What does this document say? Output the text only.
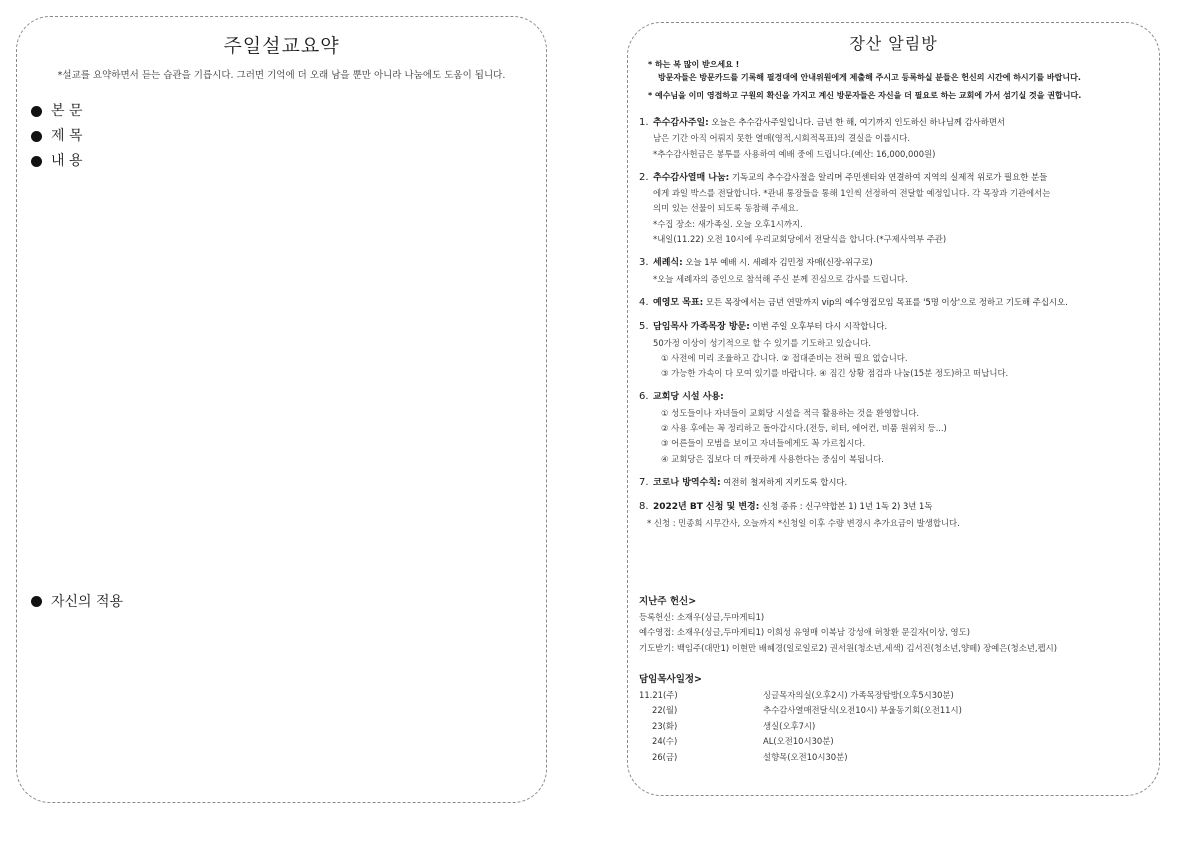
주일설교요약
*설교를 요약하면서 듣는 습관을 기릅시다. 그러면 기억에 더 오래 남을 뿐만 아니라 나눔에도 도움이 됩니다.
본 문
제 목
내 용
자신의 적용
장산 알림방
* 하는 복 많이 받으세요 !
방문자들은 방문카드를 기록해 필경대에 안내위원에게 제출해 주시고 등록하실 분들은 헌신의 시간에 하시기를 바랍니다.
* 예수님을 이미 영접하고 구원의 확신을 가지고 계신 방문자들은 자신을 더 필요로 하는 교회에 가서 섬기실 것을 권합니다.
1. 추수감사주일: 오늘은 추수감사주일입니다. 금년 한 해, 여기까지 인도하신 하나님께 감사하면서
남은 기간 아직 어뤄지 못한 열매(영적,시회적목표)의 결실을 이룹시다.
*추수감사헌금은 봉투를 사용하여 예배 중에 드립니다.(예산: 16,000,000원)
2. 추수감사열매 나눔: 기독교의 추수감사절을 알리며 주민센터와 연결하여 지역의 실제적 위로가 필요한 분들
에게 과일 박스를 전달합니다. *관내 통장들을 통해 1인씩 선정하여 전달할 예정입니다. 각 목장과 기관에서는
의미 있는 선물이 되도록 동참해 주세요.
*수집 장소: 새가족실. 오늘 오후1시까지.
*내일(11.22) 오전 10시에 우리교회당에서 전달식을 합니다.(*구제사역부 주관)
3. 세례식: 오늘 1부 예배 시. 세례자 김민정 자매(신장-위구로)
*오늘 세례자의 증인으로 참석해 주신 분께 진심으로 감사를 드립니다.
4. 예영모 목표: 모든 목장에서는 금년 연말까지 vip의 예수영접모임 목표를 '5명 이상'으로 정하고 기도해 주십시오.
5. 담임목사 가족목장 방문: 이번 주일 오후부터 다시 시작합니다.
50가정 이상이 성기적으로 할 수 있기를 기도하고 있습니다.
① 사전에 미리 조율하고 갑니다. ② 접대준비는 전혀 필요 없습니다.
③ 가능한 가속이 다 모여 있기를 바랍니다. ④ 짐긴 상황 점검과 나눔(15분 정도)하고 떠납니다.
6. 교회당 시설 사용:
① 성도들이나 자녀들이 교회당 시설을 적극 활용하는 것을 환영합니다.
② 사용 후에는 꼭 정리하고 돌아갑시다.(전등, 히터, 에어컨, 비품 원위치 등...)
③ 어른들이 모범을 보이고 자녀들에게도 꼭 가르칩시다.
④ 교회당은 집보다 더 깨끗하게 사용한다는 중심이 복됩니다.
7. 코로나 방역수칙: 여전히 철저하게 지키도록 합시다.
8. 2022년 BT 신청 및 변경: 신청 종류 : 신구약합본 1) 1년 1독 2) 3년 1독
* 신청 : 민종희 시무간사, 오늘까지 *신청일 이후 수량 변경시 추가요금이 발생합니다.
지난주 헌신>
등록헌신: 소재우(싱글,두마게티1)
예수영접: 소재우(싱글,두마게티1) 이희성 유영매 이복남 강성애 허창환 문길자(이상, 영도)
기도받기: 백임주(대만1) 이현만 배혜경(일로일로2) 권서원(청소년,세색) 김서진(청소년,양떼) 장예은(청소년,펩시)
담임목사일정>
11.21(주)	싱글목자의실(오후2시) 가족목장탐방(오후5시30분)
22(월)	추수감사열매전달식(오전10시) 부울동기회(오전11시)
23(화)	생실(오후7시)
24(수)	AL(오전10시30분)
26(금)	설향목(오전10시30분)
